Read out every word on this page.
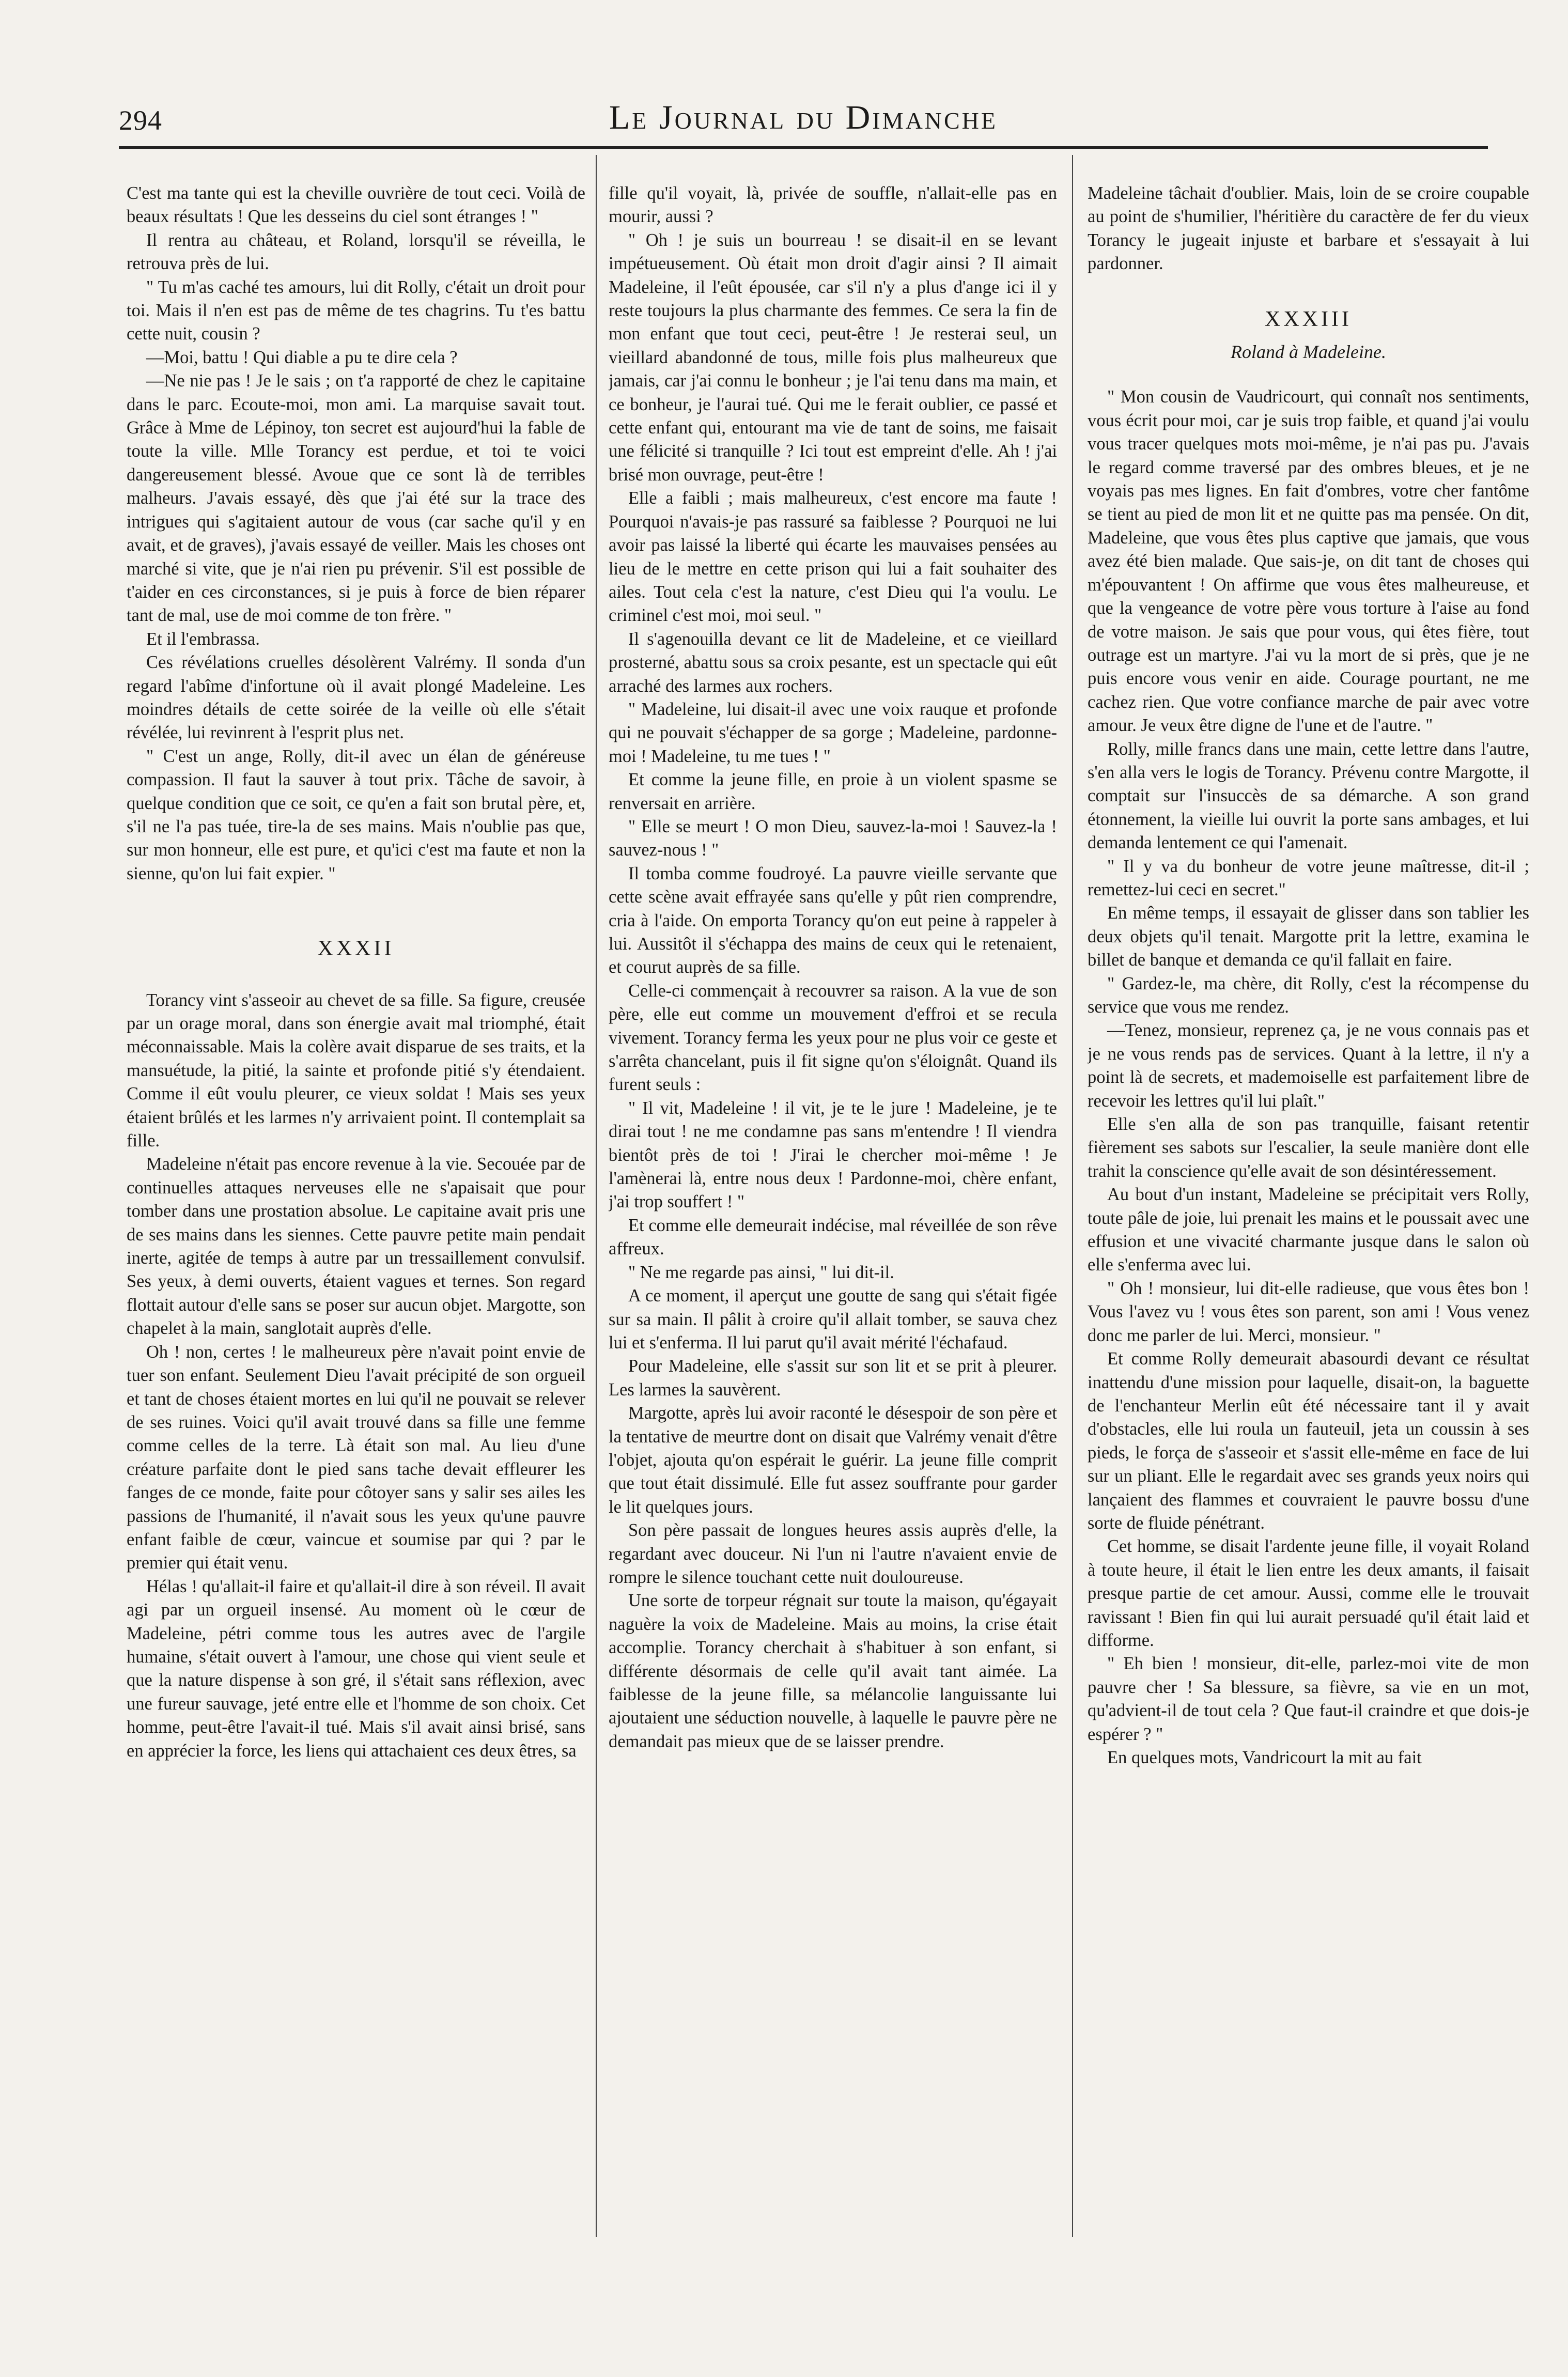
294	Le Journal du Dimanche

C'est ma tante qui est la cheville ouvrière de tout ceci. Voilà de beaux résultats ! Que les desseins du ciel sont étranges ! "

Il rentra au château, et Roland, lorsqu'il se réveilla, le retrouva près de lui.

" Tu m'as caché tes amours, lui dit Rolly, c'était un droit pour toi. Mais il n'en est pas de même de tes chagrins. Tu t'es battu cette nuit, cousin ?

—Moi, battu ! Qui diable a pu te dire cela ?

—Ne nie pas ! Je le sais ; on t'a rapporté de chez le capitaine dans le parc. Ecoute-moi, mon ami. La marquise savait tout. Grâce à Mme de Lépinoy, ton secret est aujourd'hui la fable de toute la ville. Mlle Torancy est perdue, et toi te voici dangereusement blessé. Avoue que ce sont là de terribles malheurs. J'avais essayé, dès que j'ai été sur la trace des intrigues qui s'agitaient autour de vous (car sache qu'il y en avait, et de graves), j'avais essayé de veiller. Mais les choses ont marché si vite, que je n'ai rien pu prévenir. S'il est possible de t'aider en ces circonstances, si je puis à force de bien réparer tant de mal, use de moi comme de ton frère. "

Et il l'embrassa.

Ces révélations cruelles désolèrent Valrémy. Il sonda d'un regard l'abîme d'infortune où il avait plongé Madeleine. Les moindres détails de cette soirée de la veille où elle s'était révélée, lui revinrent à l'esprit plus net.

" C'est un ange, Rolly, dit-il avec un élan de généreuse compassion. Il faut la sauver à tout prix. Tâche de savoir, à quelque condition que ce soit, ce qu'en a fait son brutal père, et, s'il ne l'a pas tuée, tire-la de ses mains. Mais n'oublie pas que, sur mon honneur, elle est pure, et qu'ici c'est ma faute et non la sienne, qu'on lui fait expier. "

XXXII

Torancy vint s'asseoir au chevet de sa fille. Sa figure, creusée par un orage moral, dans son énergie avait mal triomphé, était méconnaissable. Mais la colère avait disparue de ses traits, et la mansuétude, la pitié, la sainte et profonde pitié s'y étendaient. Comme il eût voulu pleurer, ce vieux soldat ! Mais ses yeux étaient brûlés et les larmes n'y arrivaient point. Il contemplait sa fille.

Madeleine n'était pas encore revenue à la vie. Secouée par de continuelles attaques nerveuses elle ne s'apaisait que pour tomber dans une prostation absolue. Le capitaine avait pris une de ses mains dans les siennes. Cette pauvre petite main pendait inerte, agitée de temps à autre par un tressaillement convulsif. Ses yeux, à demi ouverts, étaient vagues et ternes. Son regard flottait autour d'elle sans se poser sur aucun objet. Margotte, son chapelet à la main, sanglotait auprès d'elle.

Oh ! non, certes ! le malheureux père n'avait point envie de tuer son enfant. Seulement Dieu l'avait précipité de son orgueil et tant de choses étaient mortes en lui qu'il ne pouvait se relever de ses ruines. Voici qu'il avait trouvé dans sa fille une femme comme celles de la terre. Là était son mal. Au lieu d'une créature parfaite dont le pied sans tache devait effleurer les fanges de ce monde, faite pour côtoyer sans y salir ses ailes les passions de l'humanité, il n'avait sous les yeux qu'une pauvre enfant faible de cœur, vaincue et soumise par qui ? par le premier qui était venu.

Hélas ! qu'allait-il faire et qu'allait-il dire à son réveil. Il avait agi par un orgueil insensé. Au moment où le cœur de Madeleine, pétri comme tous les autres avec de l'argile humaine, s'était ouvert à l'amour, une chose qui vient seule et que la nature dispense à son gré, il s'était sans réflexion, avec une fureur sauvage, jeté entre elle et l'homme de son choix. Cet homme, peut-être l'avait-il tué. Mais s'il avait ainsi brisé, sans en apprécier la force, les liens qui attachaient ces deux êtres, sa

fille qu'il voyait, là, privée de souffle, n'allait-elle pas en mourir, aussi ?

" Oh ! je suis un bourreau ! se disait-il en se levant impétueusement. Où était mon droit d'agir ainsi ? Il aimait Madeleine, il l'eût épousée, car s'il n'y a plus d'ange ici il y reste toujours la plus charmante des femmes. Ce sera la fin de mon enfant que tout ceci, peut-être ! Je resterai seul, un vieillard abandonné de tous, mille fois plus malheureux que jamais, car j'ai connu le bonheur ; je l'ai tenu dans ma main, et ce bonheur, je l'aurai tué. Qui me le ferait oublier, ce passé et cette enfant qui, entourant ma vie de tant de soins, me faisait une félicité si tranquille ? Ici tout est empreint d'elle. Ah ! j'ai brisé mon ouvrage, peut-être !

Elle a faibli ; mais malheureux, c'est encore ma faute ! Pourquoi n'avais-je pas rassuré sa faiblesse ? Pourquoi ne lui avoir pas laissé la liberté qui écarte les mauvaises pensées au lieu de le mettre en cette prison qui lui a fait souhaiter des ailes. Tout cela c'est la nature, c'est Dieu qui l'a voulu. Le criminel c'est moi, moi seul. "

Il s'agenouilla devant ce lit de Madeleine, et ce vieillard prosterné, abattu sous sa croix pesante, est un spectacle qui eût arraché des larmes aux rochers.

" Madeleine, lui disait-il avec une voix rauque et profonde qui ne pouvait s'échapper de sa gorge ; Madeleine, pardonne-moi ! Madeleine, tu me tues ! "

Et comme la jeune fille, en proie à un violent spasme se renversait en arrière.

" Elle se meurt ! O mon Dieu, sauvez-la-moi ! Sauvez-la ! sauvez-nous ! "

Il tomba comme foudroyé. La pauvre vieille servante que cette scène avait effrayée sans qu'elle y pût rien comprendre, cria à l'aide. On emporta Torancy qu'on eut peine à rappeler à lui. Aussitôt il s'échappa des mains de ceux qui le retenaient, et courut auprès de sa fille.

Celle-ci commençait à recouvrer sa raison. A la vue de son père, elle eut comme un mouvement d'effroi et se recula vivement. Torancy ferma les yeux pour ne plus voir ce geste et s'arrêta chancelant, puis il fit signe qu'on s'éloignât. Quand ils furent seuls :

" Il vit, Madeleine ! il vit, je te le jure ! Madeleine, je te dirai tout ! ne me condamne pas sans m'entendre ! Il viendra bientôt près de toi ! J'irai le chercher moi-même ! Je l'amènerai là, entre nous deux ! Pardonne-moi, chère enfant, j'ai trop souffert ! "

Et comme elle demeurait indécise, mal réveillée de son rêve affreux.

" Ne me regarde pas ainsi, " lui dit-il.

A ce moment, il aperçut une goutte de sang qui s'était figée sur sa main. Il pâlit à croire qu'il allait tomber, se sauva chez lui et s'enferma. Il lui parut qu'il avait mérité l'échafaud.

Pour Madeleine, elle s'assit sur son lit et se prit à pleurer. Les larmes la sauvèrent.

Margotte, après lui avoir raconté le désespoir de son père et la tentative de meurtre dont on disait que Valrémy venait d'être l'objet, ajouta qu'on espérait le guérir. La jeune fille comprit que tout était dissimulé. Elle fut assez souffrante pour garder le lit quelques jours.

Son père passait de longues heures assis auprès d'elle, la regardant avec douceur. Ni l'un ni l'autre n'avaient envie de rompre le silence touchant cette nuit douloureuse.

Une sorte de torpeur régnait sur toute la maison, qu'égayait naguère la voix de Madeleine. Mais au moins, la crise était accomplie. Torancy cherchait à s'habituer à son enfant, si différente désormais de celle qu'il avait tant aimée. La faiblesse de la jeune fille, sa mélancolie languissante lui ajoutaient une séduction nouvelle, à laquelle le pauvre père ne demandait pas mieux que de se laisser prendre.

Madeleine tâchait d'oublier. Mais, loin de se croire coupable au point de s'humilier, l'héritière du caractère de fer du vieux Torancy le jugeait injuste et barbare et s'essayait à lui pardonner.

XXXIII
Roland à Madeleine.

" Mon cousin de Vaudricourt, qui connaît nos sentiments, vous écrit pour moi, car je suis trop faible, et quand j'ai voulu vous tracer quelques mots moi-même, je n'ai pas pu. J'avais le regard comme traversé par des ombres bleues, et je ne voyais pas mes lignes. En fait d'ombres, votre cher fantôme se tient au pied de mon lit et ne quitte pas ma pensée. On dit, Madeleine, que vous êtes plus captive que jamais, que vous avez été bien malade. Que sais-je, on dit tant de choses qui m'épouvantent ! On affirme que vous êtes malheureuse, et que la vengeance de votre père vous torture à l'aise au fond de votre maison. Je sais que pour vous, qui êtes fière, tout outrage est un martyre. J'ai vu la mort de si près, que je ne puis encore vous venir en aide. Courage pourtant, ne me cachez rien. Que votre confiance marche de pair avec votre amour. Je veux être digne de l'une et de l'autre. "

Rolly, mille francs dans une main, cette lettre dans l'autre, s'en alla vers le logis de Torancy. Prévenu contre Margotte, il comptait sur l'insuccès de sa démarche. A son grand étonnement, la vieille lui ouvrit la porte sans ambages, et lui demanda lentement ce qui l'amenait.

" Il y va du bonheur de votre jeune maîtresse, dit-il ; remettez-lui ceci en secret."

En même temps, il essayait de glisser dans son tablier les deux objets qu'il tenait. Margotte prit la lettre, examina le billet de banque et demanda ce qu'il fallait en faire.

" Gardez-le, ma chère, dit Rolly, c'est la récompense du service que vous me rendez.

—Tenez, monsieur, reprenez ça, je ne vous connais pas et je ne vous rends pas de services. Quant à la lettre, il n'y a point là de secrets, et mademoiselle est parfaitement libre de recevoir les lettres qu'il lui plaît."

Elle s'en alla de son pas tranquille, faisant retentir fièrement ses sabots sur l'escalier, la seule manière dont elle trahit la conscience qu'elle avait de son désintéressement.

Au bout d'un instant, Madeleine se précipitait vers Rolly, toute pâle de joie, lui prenait les mains et le poussait avec une effusion et une vivacité charmante jusque dans le salon où elle s'enferma avec lui.

" Oh ! monsieur, lui dit-elle radieuse, que vous êtes bon ! Vous l'avez vu ! vous êtes son parent, son ami ! Vous venez donc me parler de lui. Merci, monsieur. "

Et comme Rolly demeurait abasourdi devant ce résultat inattendu d'une mission pour laquelle, disait-on, la baguette de l'enchanteur Merlin eût été nécessaire tant il y avait d'obstacles, elle lui roula un fauteuil, jeta un coussin à ses pieds, le força de s'asseoir et s'assit elle-même en face de lui sur un pliant. Elle le regardait avec ses grands yeux noirs qui lançaient des flammes et couvraient le pauvre bossu d'une sorte de fluide pénétrant.

Cet homme, se disait l'ardente jeune fille, il voyait Roland à toute heure, il était le lien entre les deux amants, il faisait presque partie de cet amour. Aussi, comme elle le trouvait ravissant ! Bien fin qui lui aurait persuadé qu'il était laid et difforme.

" Eh bien ! monsieur, dit-elle, parlez-moi vite de mon pauvre cher ! Sa blessure, sa fièvre, sa vie en un mot, qu'advient-il de tout cela ? Que faut-il craindre et que dois-je espérer ? "

En quelques mots, Vandricourt la mit au fait
